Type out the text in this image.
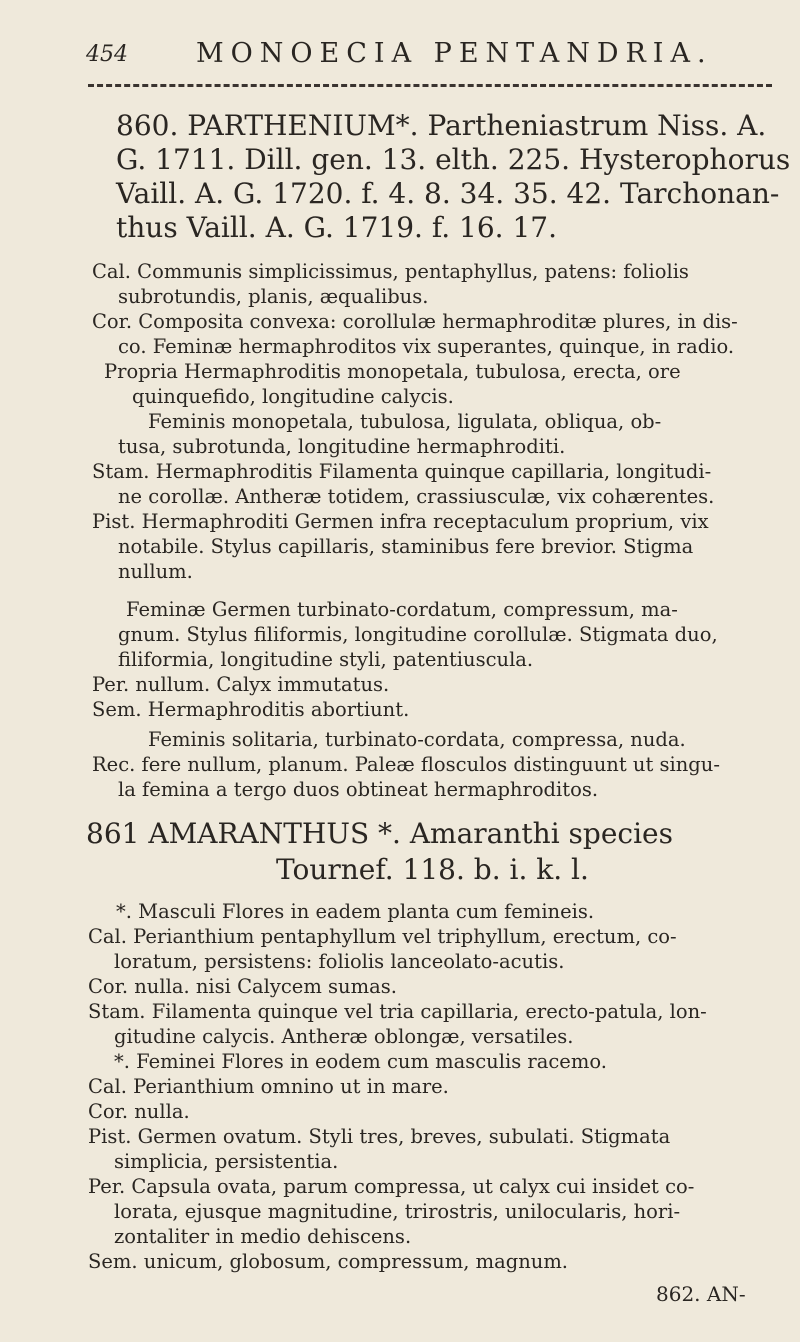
454	MONOECIA PENTANDRIA.
860. PARTHENIUM*. Partheniastrum Niss. A.
G. 1711. Dill. gen. 13. elth. 225. Hysterophorus
Vaill. A. G. 1720. f. 4. 8. 34. 35. 42. Tarchonan-
thus Vaill. A. G. 1719. f. 16. 17.
Cal. Communis simplicissimus, pentaphyllus, patens: foliolis
subrotundis, planis, æqualibus.
Cor. Composita convexa: corollulæ hermaphroditæ plures, in dis-
co. Feminæ hermaphroditos vix superantes, quinque, in radio.
Propria Hermaphroditis monopetala, tubulosa, erecta, ore
quinquefido, longitudine calycis.
Feminis monopetala, tubulosa, ligulata, obliqua, ob-
tusa, subrotunda, longitudine hermaphroditi.
Stam. Hermaphroditis Filamenta quinque capillaria, longitudi-
ne corollæ. Antheræ totidem, crassiusculæ, vix cohærentes.
Pist. Hermaphroditi Germen infra receptaculum proprium, vix
notabile. Stylus capillaris, staminibus fere brevior. Stigma
nullum.
Feminæ Germen turbinato-cordatum, compressum, ma-
gnum. Stylus filiformis, longitudine corollulæ. Stigmata duo,
filiformia, longitudine styli, patentiuscula.
Per. nullum. Calyx immutatus.
Sem. Hermaphroditis abortiunt.
Feminis solitaria, turbinato-cordata, compressa, nuda.
Rec. fere nullum, planum. Paleæ flosculos distinguunt ut singu-
la femina a tergo duos obtineat hermaphroditos.
861 AMARANTHUS *. Amaranthi species
Tournef. 118. b. i. k. l.
*. Masculi Flores in eadem planta cum femineis.
Cal. Perianthium pentaphyllum vel triphyllum, erectum, co-
loratum, persistens: foliolis lanceolato-acutis.
Cor. nulla. nisi Calycem sumas.
Stam. Filamenta quinque vel tria capillaria, erecto-patula, lon-
gitudine calycis. Antheræ oblongæ, versatiles.
*. Feminei Flores in eodem cum masculis racemo.
Cal. Perianthium omnino ut in mare.
Cor. nulla.
Pist. Germen ovatum. Styli tres, breves, subulati. Stigmata
simplicia, persistentia.
Per. Capsula ovata, parum compressa, ut calyx cui insidet co-
lorata, ejusque magnitudine, trirostris, unilocularis, hori-
zontaliter in medio dehiscens.
Sem. unicum, globosum, compressum, magnum.
862. AN-
